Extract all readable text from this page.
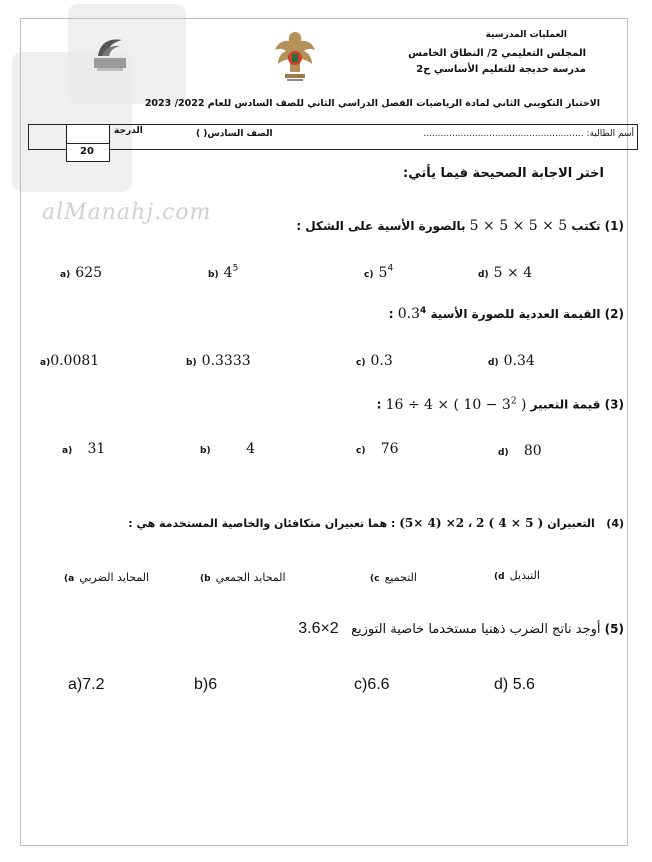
alManahj.com
العمليات المدرسية
المجلس التعليمي 2/ النطاق الخامس
مدرسة خديجة للتعليم الأساسي ح2
الاختبار التكويني الثاني لمادة الرياضيات الفصل الدراسي الثاني للصف السادس للعام 2022/ 2023
أسم الطالبة: ........................................................
الصف السادس( )
الدرجة
20
اختر الاجابة الصحيحة فيما يأتي:
(1) تكتب 5 × 5 × 5 × 5 بالصورة الأسية على الشكل :
a) 625	b) $4^5$
c) $5^4$
d) 5 × 4
(2) القيمة العددية للصورة الأسية $0.3^4$ :
a)0.0081	b) 0.3333	c) 0.3	d) 0.34
(3) قيمة التعبير 16 ÷ 4 × ( $10 - 3^2$ ) :
a) 31	b)	4	c) 76	d) 80
(4)   التعبيران (5× 4) ×2 ، 2 ( 4 × 5 ) : هما تعبيران متكافئان والخاصية المستخدمة هي :
المحايد الضربي a)	المحايد الجمعي b)	التجميع c)	التبديل d)
(5) أوجد ناتج الضرب ذهنيا مستخدما خاصية التوزيع   3.6×2
a)7.2	b)6	c)6.6	d) 5.6
